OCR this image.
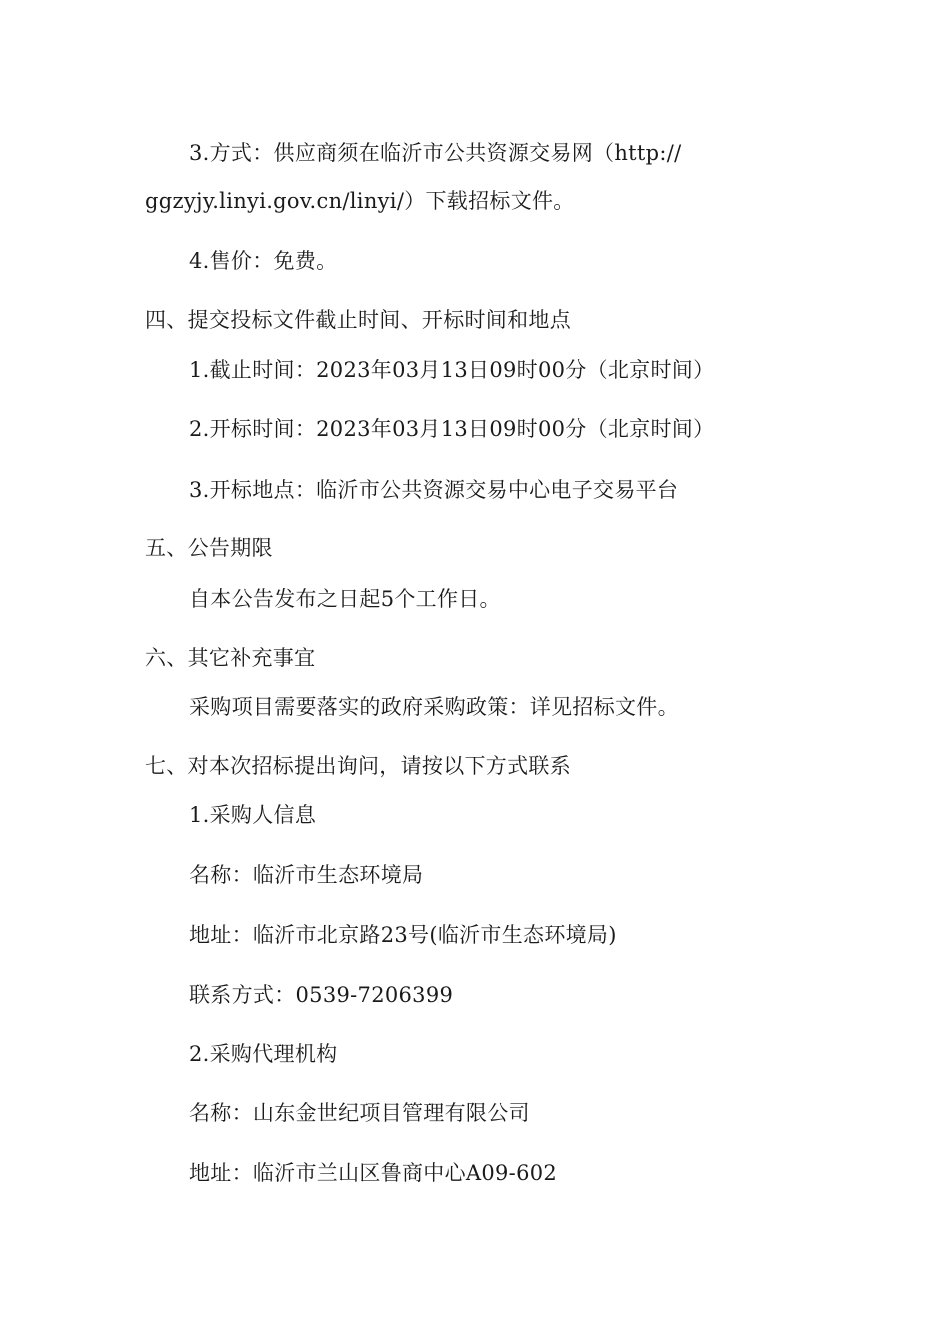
3.方式：供应商须在临沂市公共资源交易网（http://
ggzyjy.linyi.gov.cn/linyi/）下载招标文件。
4.售价：免费。
四、提交投标文件截止时间、开标时间和地点
1.截止时间：2023年03月13日09时00分（北京时间）
2.开标时间：2023年03月13日09时00分（北京时间）
3.开标地点：临沂市公共资源交易中心电子交易平台
五、公告期限
自本公告发布之日起5个工作日。
六、其它补充事宜
采购项目需要落实的政府采购政策：详见招标文件。
七、对本次招标提出询问，请按以下方式联系
1.采购人信息
名称：临沂市生态环境局
地址：临沂市北京路23号(临沂市生态环境局)
联系方式：0539-7206399
2.采购代理机构
名称：山东金世纪项目管理有限公司
地址：临沂市兰山区鲁商中心A09-602
